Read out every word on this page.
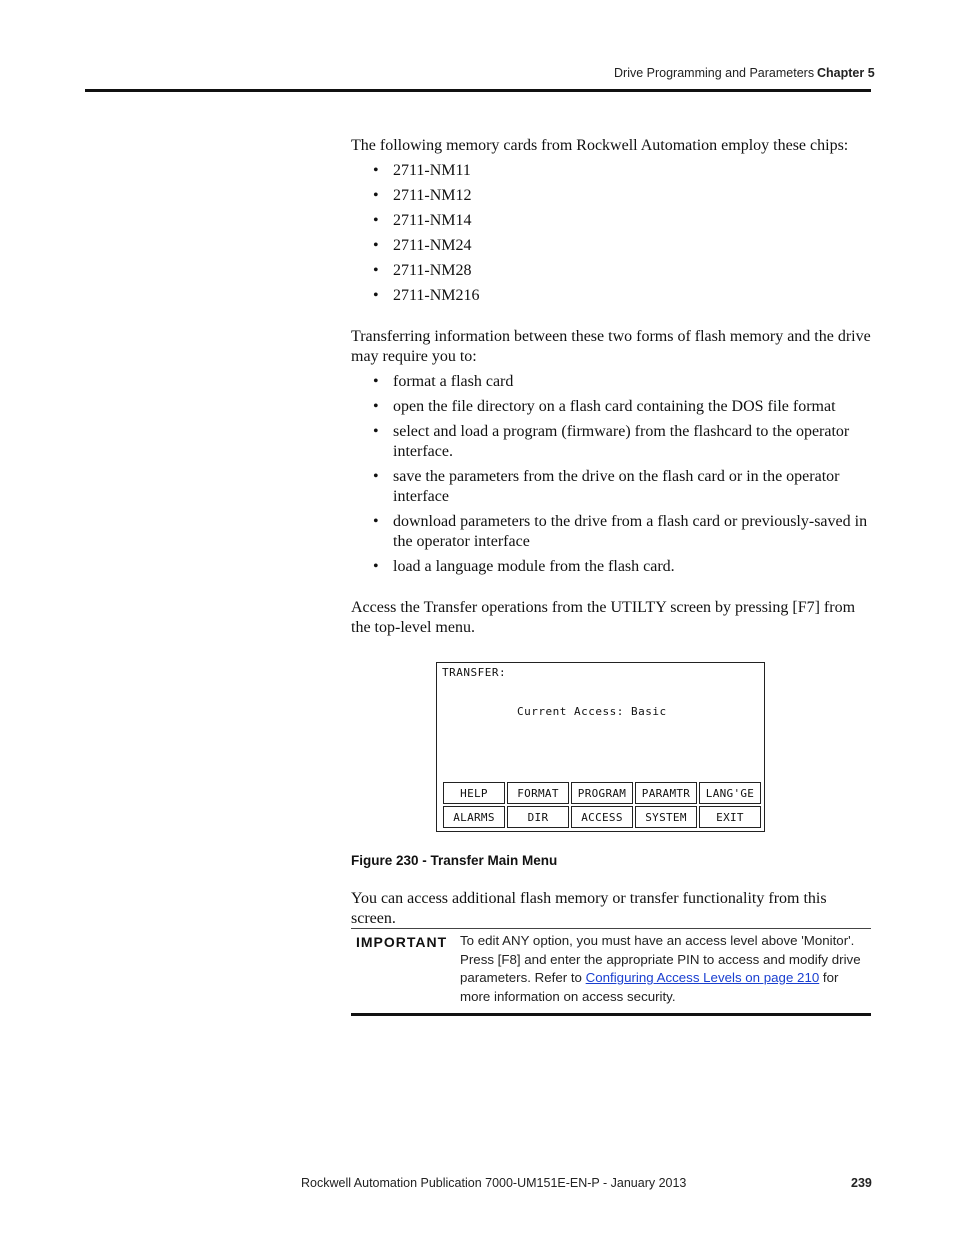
Drive Programming and Parameters Chapter 5

The following memory cards from Rockwell Automation employ these chips:

• 2711-NM11
• 2711-NM12
• 2711-NM14
• 2711-NM24
• 2711-NM28
• 2711-NM216

Transferring information between these two forms of flash memory and the drive may require you to:

• format a flash card
• open the file directory on a flash card containing the DOS file format
• select and load a program (firmware) from the flashcard to the operator interface.
• save the parameters from the drive on the flash card or in the operator interface
• download parameters to the drive from a flash card or previously-saved in the operator interface
• load a language module from the flash card.

Access the Transfer operations from the UTILTY screen by pressing [F7] from the top-level menu.

TRANSFER:
Current Access: Basic
HELP	FORMAT	PROGRAM	PARAMTR	LANG'GE
ALARMS	DIR	ACCESS	SYSTEM	EXIT
Figure 230 - Transfer Main Menu

You can access additional flash memory or transfer functionality from this screen.

IMPORTANT To edit ANY option, you must have an access level above 'Monitor'. Press [F8] and enter the appropriate PIN to access and modify drive parameters. Refer to Configuring Access Levels on page 210 for more information on access security.
Rockwell Automation Publication 7000-UM151E-EN-P - January 2013	239
